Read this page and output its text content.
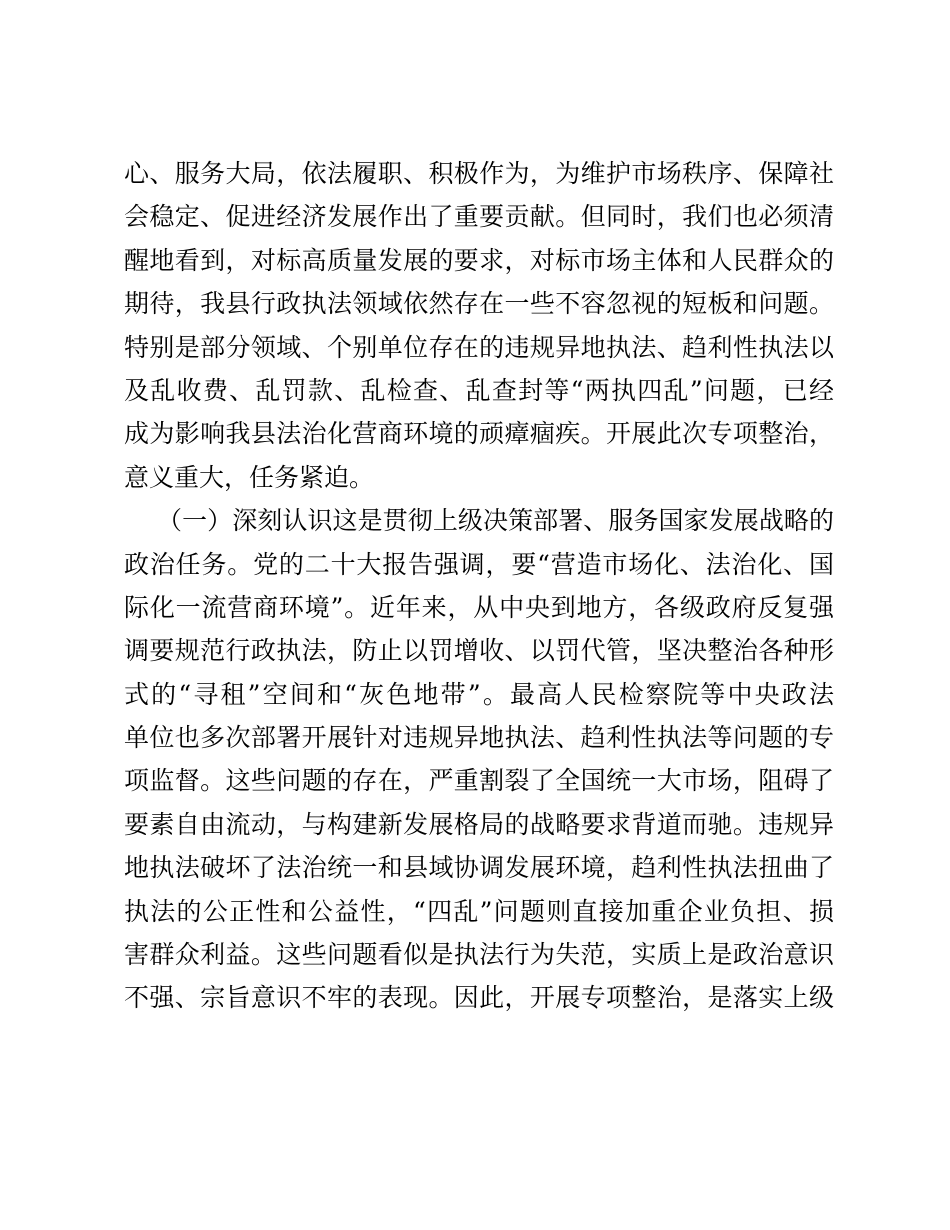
心、服务大局，依法履职、积极作为，为维护市场秩序、保障社
会稳定、促进经济发展作出了重要贡献。但同时，我们也必须清
醒地看到，对标高质量发展的要求，对标市场主体和人民群众的
期待，我县行政执法领域依然存在一些不容忽视的短板和问题。
特别是部分领域、个别单位存在的违规异地执法、趋利性执法以
及乱收费、乱罚款、乱检查、乱查封等“两执四乱”问题，已经
成为影响我县法治化营商环境的顽瘴痼疾。开展此次专项整治，
意义重大，任务紧迫。
（一）深刻认识这是贯彻上级决策部署、服务国家发展战略的
政治任务。党的二十大报告强调，要“营造市场化、法治化、国
际化一流营商环境”。近年来，从中央到地方，各级政府反复强
调要规范行政执法，防止以罚增收、以罚代管，坚决整治各种形
式的“寻租”空间和“灰色地带”。最高人民检察院等中央政法
单位也多次部署开展针对违规异地执法、趋利性执法等问题的专
项监督。这些问题的存在，严重割裂了全国统一大市场，阻碍了
要素自由流动，与构建新发展格局的战略要求背道而驰。违规异
地执法破坏了法治统一和县域协调发展环境，趋利性执法扭曲了
执法的公正性和公益性，“四乱”问题则直接加重企业负担、损
害群众利益。这些问题看似是执法行为失范，实质上是政治意识
不强、宗旨意识不牢的表现。因此，开展专项整治，是落实上级
